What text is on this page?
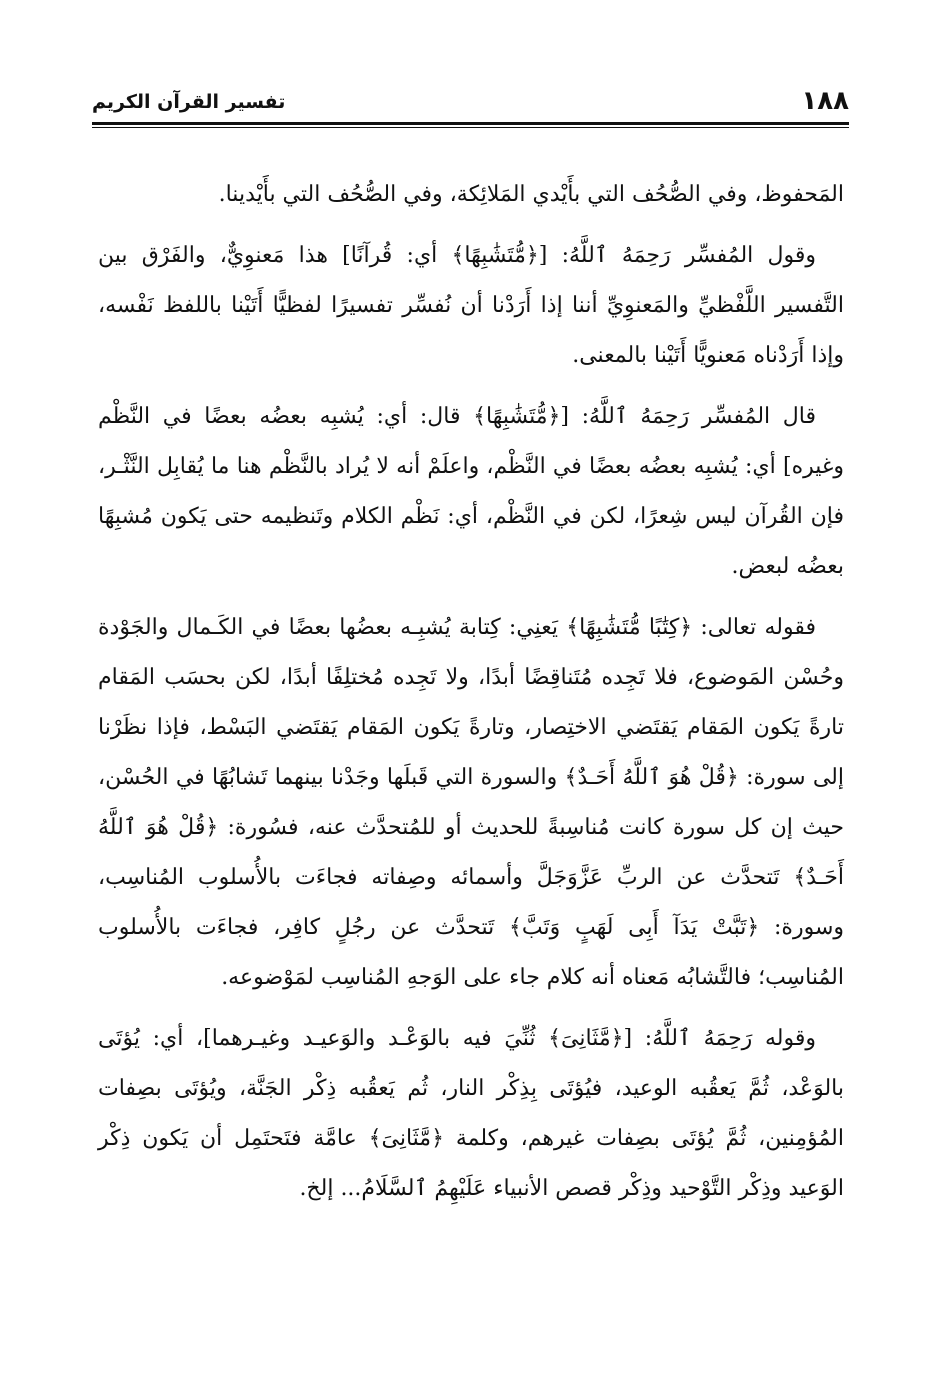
١٨٨
تفسير القرآن الكريم

المَحفوظ، وفي الصُّحُف التي بأَيْدي المَلائِكة، وفي الصُّحُف التي بأَيْدينا.

وقول المُفسِّر رَحِمَهُ ٱللَّهُ: [﴿مُّتَشَٰبِهًا﴾ أي: قُرآنًا] هذا مَعنوِيٌّ، والفَرْق بين التَّفسير اللَّفْظيِّ والمَعنوِيِّ أننا إذا أَرَدْنا أن نُفسِّر تفسيرًا لفظيًّا أَتَيْنا باللفظ نَفْسه، وإذا أَرَدْناه مَعنويًّا أَتَيْنا بالمعنى.

قال المُفسِّر رَحِمَهُ ٱللَّهُ: [﴿مُّتَشَٰبِهًا﴾ قال: أي: يُشبِه بعضُه بعضًا في النَّظْم وغيره] أي: يُشبِه بعضُه بعضًا في النَّظْم، واعلَمْ أنه لا يُراد بالنَّظْم هنا ما يُقابِل النَّثْـر، فإن القُرآن ليس شِعرًا، لكن في النَّظْم، أي: نَظْم الكلام وتَنظيمه حتى يَكون مُشبِهًا بعضُه لبعض.

فقوله تعالى: ﴿كِتَٰبًا مُّتَشَٰبِهًا﴾ يَعنِي: كِتابة يُشبِـه بعضُها بعضًا في الكَـمال والجَوْدة وحُسْن المَوضوع، فلا تَجِده مُتَناقِضًا أبدًا، ولا تَجِده مُختلِفًا أبدًا، لكن بحسَب المَقام تارةً يَكون المَقام يَقتَضي الاختِصار، وتارةً يَكون المَقام يَقتَضي البَسْط، فإذا نظَرْنا إلى سورة: ﴿قُلْ هُوَ ٱللَّهُ أَحَـدٌ﴾ والسورة التي قَبلَها وجَدْنا بينهما تَشابُهًا في الحُسْن، حيث إن كل سورة كانت مُناسِبةً للحديث أو للمُتحدَّث عنه، فسُورة: ﴿قُلْ هُوَ ٱللَّهُ أَحَـدٌ﴾ تَتحدَّث عن الربِّ عَزَّوَجَلَّ وأسمائه وصِفاته فجاءَت بالأُسلوب المُناسِب، وسورة: ﴿تَبَّتْ يَدَآ أَبِى لَهَبٍ وَتَبَّ﴾ تَتحدَّث عن رجُلٍ كافِر، فجاءَت بالأُسلوب المُناسِب؛ فالتَّشابُه مَعناه أنه كلام جاء على الوَجهِ المُناسِب لمَوْضوعه.

وقوله رَحِمَهُ ٱللَّهُ: [﴿مَّثَانِىَ﴾ ثُنِّيَ فيه بالوَعْـد والوَعيـد وغيـرهما]، أي: يُؤتَى بالوَعْد، ثُمَّ يَعقُبه الوعيد، فيُؤتَى بِذِكْر النار، ثُم يَعقُبه ذِكْر الجَنَّة، ويُؤتَى بصِفات المُؤمِنين، ثُمَّ يُؤتَى بصِفات غيرهم، وكلمة ﴿مَّثَانِىَ﴾ عامَّة فتَحتَمِل أن يَكون ذِكْر الوَعيد وذِكْر التَّوْحيد وذِكْر قصص الأنبياء عَلَيْهِمُ ٱلسَّلَامُ... إلخ.
